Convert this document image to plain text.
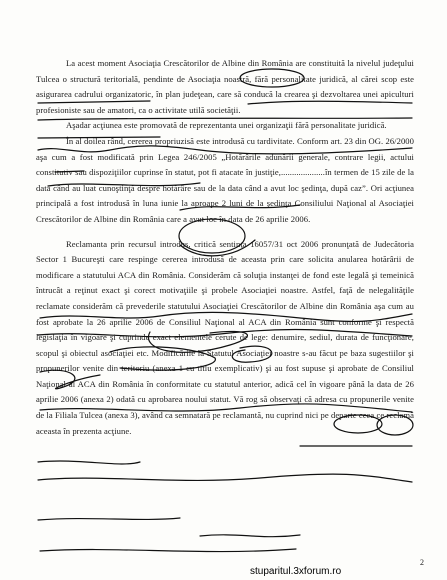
La acest moment Asociaţia Crescătorilor de Albine din România are constituită la nivelul judeţului Tulcea o structură teritorială, pendinte de Asociaţia noastră, fără personalitate juridică, al cărei scop este asigurarea cadrului organizatoric, în plan judeţean, care să conducă la crearea şi dezvoltarea unei apiculturi profesioniste sau de amatori, ca o activitate utilă societăţii.

Aşadar acţiunea este promovată de reprezentanta unei organizaţii fără personalitate juridică.

În al doilea rând, cererea propriuzisă este introdusă cu tardivitate. Conform art. 23 din OG. 26/2000 aşa cum a fost modificată prin Legea 246/2005 „Hotărârile adunării generale, contrare legii, actului constitutiv sau dispoziţiilor cuprinse în statut, pot fi atacate în justiţie,....................în termen de 15 zile de la data când au luat cunoştinţă despre hotărâre sau de la data când a avut loc şedinţa, după caz”. Ori acţiunea principală a fost introdusă în luna iunie la aproape 2 luni de la şedinţa Consiliului Naţional al Asociaţiei Crescătorilor de Albine din România care a avut loc în data de 26 aprilie 2006.

Reclamanta prin recursul introdus, critică sentinţa 16057/31 oct 2006 pronunţată de Judecătoria Sector 1 Bucureşti care respinge cererea introdusă de aceasta prin care solicita anularea hotărârii de modificare a statutului ACA din România. Considerăm că soluţia instanţei de fond este legală şi temeinică întrucât a reţinut exact şi corect motivaţiile şi probele Asociaţiei noastre. Astfel, faţă de nelegalităţile reclamate considerăm că prevederile statutului Asociaţiei Crescătorilor de Albine din România aşa cum au fost aprobate la 26 aprilie 2006 de Consiliul Naţional al ACA din România sunt conforme şi respectă legislaţia în vigoare şi cuprinde exact elementele cerute de lege: denumire, sediul, durata de funcţionare, scopul şi obiectul asociaţiei etc. Modificările la Statutul Asociaţiei noastre s-au făcut pe baza sugestiilor şi propunerilor venite din teritoriu (anexa 1 cu titlu exemplicativ) şi au fost supuse şi aprobate de Consiliul Naţional al ACA din România în conformitate cu statutul anterior, adică cel în vigoare până la data de 26 aprilie 2006 (anexa 2) odată cu aprobarea noului statut. Vă rog să observaţi că adresa cu propunerile venite de la Filiala Tulcea (anexa 3), având ca semnatară pe reclamantă, nu cuprind nici pe departe ceea ce reclamă aceasta în prezenta acţiune.

2
stuparitul.3xforum.ro
